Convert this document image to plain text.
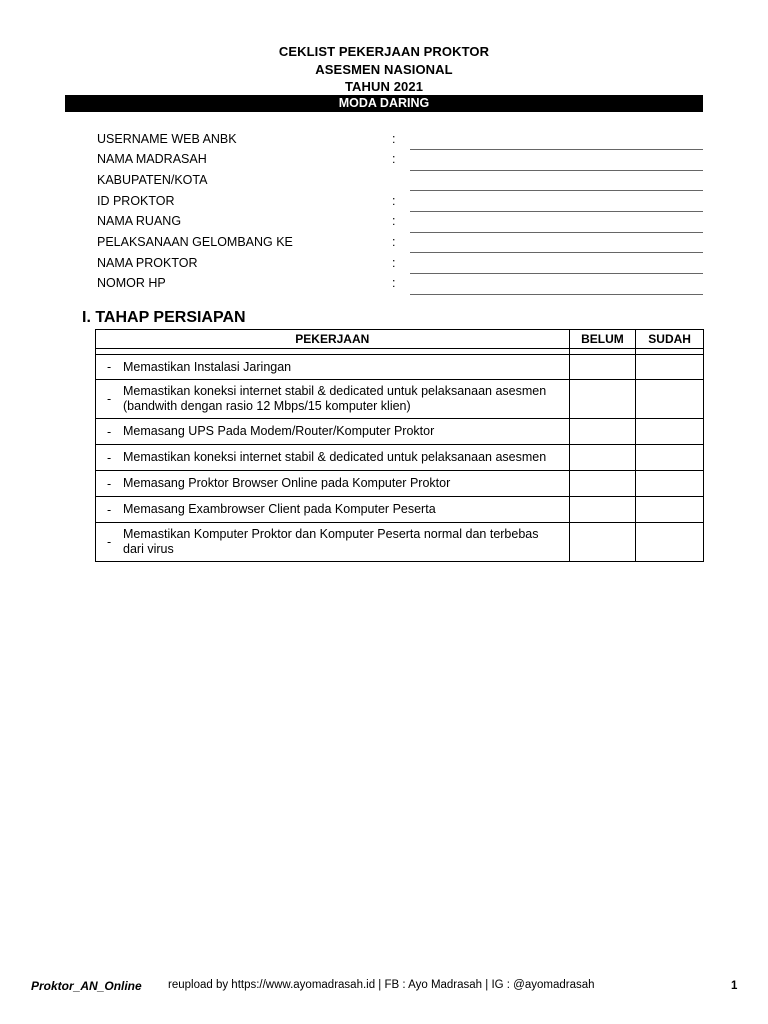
CEKLIST PEKERJAAN PROKTOR
ASESMEN NASIONAL
TAHUN 2021
MODA DARING
USERNAME WEB ANBK	:
NAMA MADRASAH	:
KABUPATEN/KOTA
ID PROKTOR	:
NAMA RUANG	:
PELAKSANAAN GELOMBANG KE	:
NAMA PROKTOR	:
NOMOR HP	:
I. TAHAP PERSIAPAN
PEKERJAAN	BELUM	SUDAH

- Memastikan Instalasi Jaringan		

-
Memastikan koneksi internet stabil & dedicated untuk pelaksanaan asesmen (bandwith dengan rasio 12 Mbps/15 komputer klien)		

- Memasang UPS Pada Modem/Router/Komputer Proktor		

- Memastikan koneksi internet stabil & dedicated untuk pelaksanaan asesmen		

- Memasang Proktor Browser Online pada Komputer Proktor		

- Memasang Exambrowser Client pada Komputer Peserta		

-
Memastikan Komputer Proktor dan Komputer Peserta normal dan terbebas dari virus		

Proktor_AN_Online reupload by https://www.ayomadrasah.id | FB : Ayo Madrasah | IG : @ayomadrasah	1
